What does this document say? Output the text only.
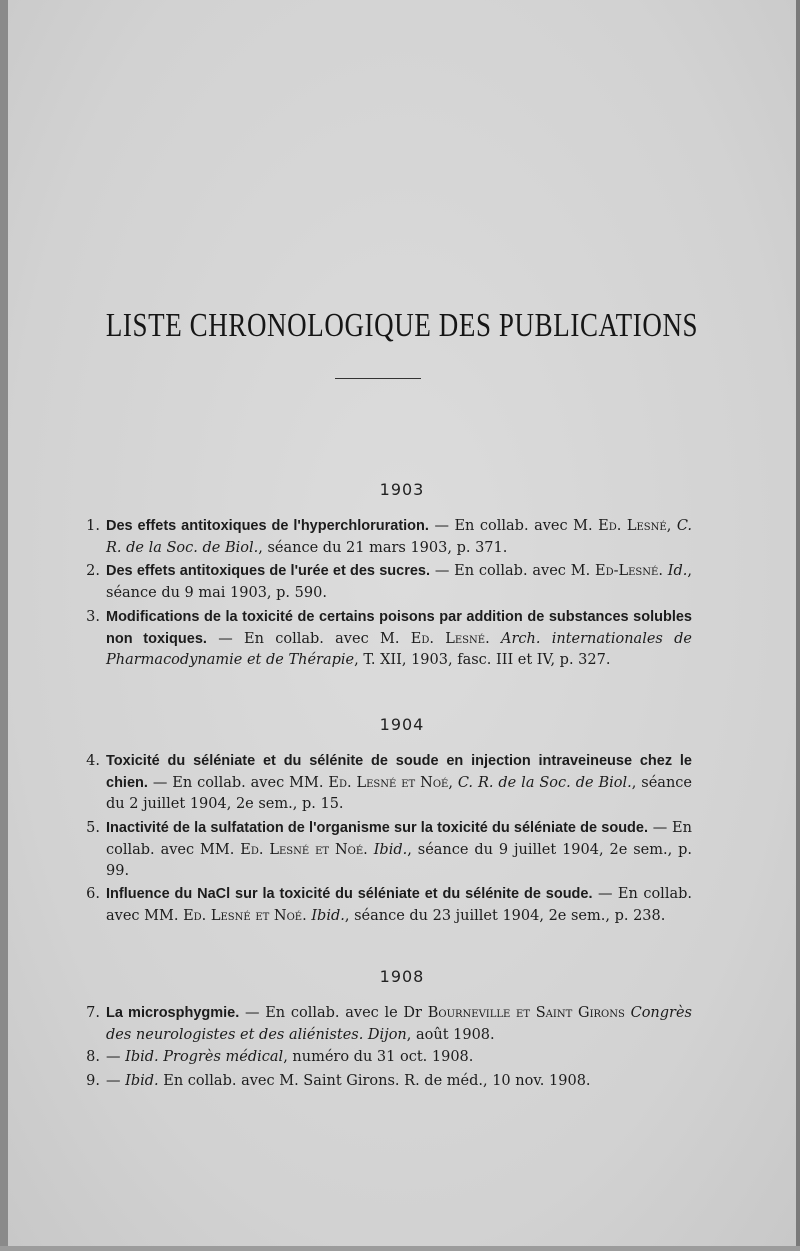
LISTE CHRONOLOGIQUE DES PUBLICATIONS
1903
1. Des effets antitoxiques de l'hyperchloruration. — En collab. avec M. Ed. Lesné, C. R. de la Soc. de Biol., séance du 21 mars 1903, p. 371.
2. Des effets antitoxiques de l'urée et des sucres. — En collab. avec M. Ed-Lesné. Id., séance du 9 mai 1903, p. 590.
3. Modifications de la toxicité de certains poisons par addition de substances solubles non toxiques. — En collab. avec M. Ed. Lesné. Arch. internationales de Pharmacodynamie et de Thérapie, T. XII, 1903, fasc. III et IV, p. 327.
1904
4. Toxicité du séléniate et du sélénite de soude en injection intraveineuse chez le chien. — En collab. avec MM. Ed. Lesné et Noé, C. R. de la Soc. de Biol., séance du 2 juillet 1904, 2e sem., p. 15.
5. Inactivité de la sulfatation de l'organisme sur la toxicité du séléniate de soude. — En collab. avec MM. Ed. Lesné et Noé. Ibid., séance du 9 juillet 1904, 2e sem., p. 99.
6. Influence du NaCl sur la toxicité du séléniate et du sélénite de soude. — En collab. avec MM. Ed. Lesné et Noé. Ibid., séance du 23 juillet 1904, 2e sem., p. 238.
1908
7. La microsphygmie. — En collab. avec le Dr Bourneville et Saint Girons Congrès des neurologistes et des aliénistes. Dijon, août 1908.
8. — Ibid. Progrès médical, numéro du 31 oct. 1908.
9. — Ibid. En collab. avec M. Saint Girons. R. de méd., 10 nov. 1908.
